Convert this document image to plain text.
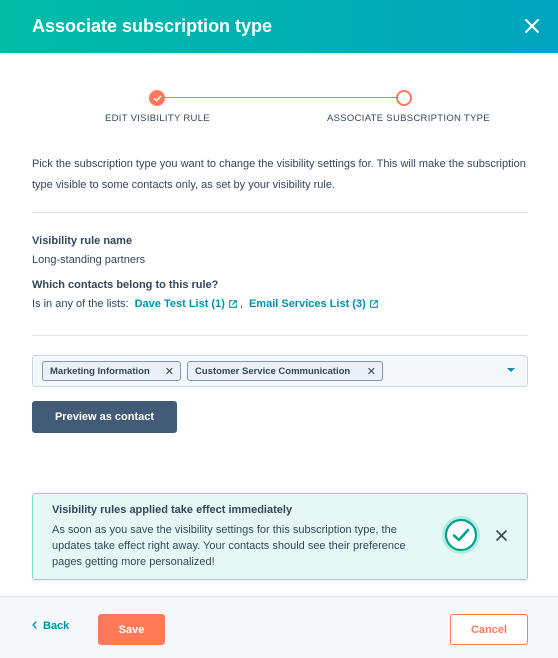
Associate subscription type
EDIT VISIBILITY RULE	ASSOCIATE SUBSCRIPTION TYPE

Pick the subscription type you want to change the visibility settings for. This will make the subscription type visible to some contacts only, as set by your visibility rule.

Visibility rule name
Long-standing partners
Which contacts belong to this rule?
Is in any of the lists: Dave Test List (1) , Email Services List (3)
Marketing Information ✕ Customer Service Communication ✕
Preview as contact
Visibility rules applied take effect immediately

As soon as you save the visibility settings for this subscription type, the updates take effect right away. Your contacts should see their preference pages getting more personalized!

Back	Save	Cancel
